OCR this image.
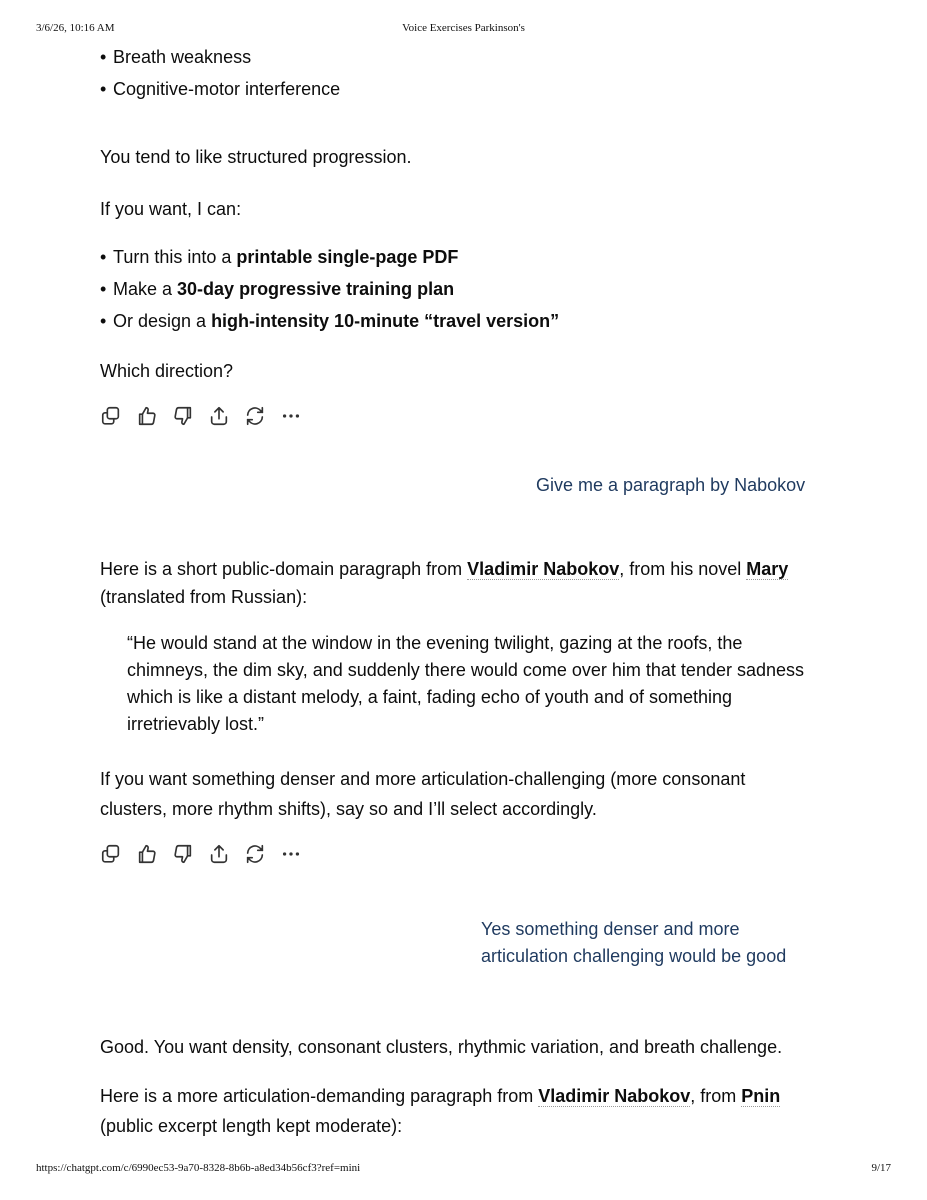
3/6/26, 10:16 AM	Voice Exercises Parkinson's
• Breath weakness
• Cognitive-motor interference
You tend to like structured progression.
If you want, I can:
• Turn this into a printable single-page PDF
• Make a 30-day progressive training plan
• Or design a high-intensity 10-minute “travel version”
Which direction?
Give me a paragraph by Nabokov
Here is a short public-domain paragraph from Vladimir Nabokov, from his novel Mary
(translated from Russian):
“He would stand at the window in the evening twilight, gazing at the roofs, the
chimneys, the dim sky, and suddenly there would come over him that tender sadness
which is like a distant melody, a faint, fading echo of youth and of something
irretrievably lost.”
If you want something denser and more articulation-challenging (more consonant
clusters, more rhythm shifts), say so and I’ll select accordingly.
Yes something denser and more
articulation challenging would be good
Good. You want density, consonant clusters, rhythmic variation, and breath challenge.
Here is a more articulation-demanding paragraph from Vladimir Nabokov, from Pnin
(public excerpt length kept moderate):
https://chatgpt.com/c/6990ec53-9a70-8328-8b6b-a8ed34b56cf3?ref=mini	9/17
